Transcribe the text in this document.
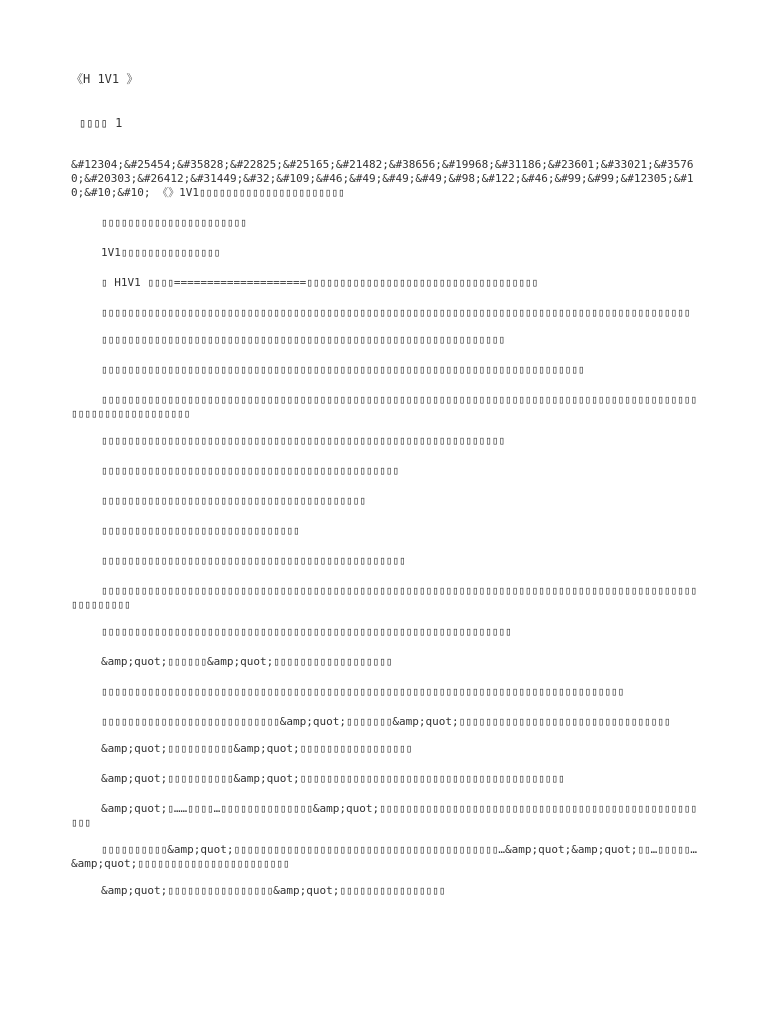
《H 1V1 》
▯▯▯▯ 1

&#12304;&#25454;&#35828;&#22825;&#25165;&#21482;&#38656;&#19968;&#31186;&#23601;&#33021;&#35760;&#20303;&#26412;&#31449;&#32;&#109;&#46;&#49;&#49;&#49;&#98;&#122;&#46;&#99;&#99;&#12305;&#10;&#10;&#10; 《》1V1▯▯▯▯▯▯▯▯▯▯▯▯▯▯▯▯▯▯▯▯▯▯

▯▯▯▯▯▯▯▯▯▯▯▯▯▯▯▯▯▯▯▯▯▯

1V1▯▯▯▯▯▯▯▯▯▯▯▯▯▯▯

▯ H1V1 ▯▯▯▯====================▯▯▯▯▯▯▯▯▯▯▯▯▯▯▯▯▯▯▯▯▯▯▯▯▯▯▯▯▯▯▯▯▯▯▯

▯▯▯▯▯▯▯▯▯▯▯▯▯▯▯▯▯▯▯▯▯▯▯▯▯▯▯▯▯▯▯▯▯▯▯▯▯▯▯▯▯▯▯▯▯▯▯▯▯▯▯▯▯▯▯▯▯▯▯▯▯▯▯▯▯▯▯▯▯▯▯▯▯▯▯▯▯▯▯▯▯▯▯▯▯▯▯▯▯

▯▯▯▯▯▯▯▯▯▯▯▯▯▯▯▯▯▯▯▯▯▯▯▯▯▯▯▯▯▯▯▯▯▯▯▯▯▯▯▯▯▯▯▯▯▯▯▯▯▯▯▯▯▯▯▯▯▯▯▯▯

▯▯▯▯▯▯▯▯▯▯▯▯▯▯▯▯▯▯▯▯▯▯▯▯▯▯▯▯▯▯▯▯▯▯▯▯▯▯▯▯▯▯▯▯▯▯▯▯▯▯▯▯▯▯▯▯▯▯▯▯▯▯▯▯▯▯▯▯▯▯▯▯▯

▯▯▯▯▯▯▯▯▯▯▯▯▯▯▯▯▯▯▯▯▯▯▯▯▯▯▯▯▯▯▯▯▯▯▯▯▯▯▯▯▯▯▯▯▯▯▯▯▯▯▯▯▯▯▯▯▯▯▯▯▯▯▯▯▯▯▯▯▯▯▯▯▯▯▯▯▯▯▯▯▯▯▯▯▯▯▯▯▯▯▯▯▯▯▯▯▯▯▯▯▯▯▯▯▯▯▯▯

▯▯▯▯▯▯▯▯▯▯▯▯▯▯▯▯▯▯▯▯▯▯▯▯▯▯▯▯▯▯▯▯▯▯▯▯▯▯▯▯▯▯▯▯▯▯▯▯▯▯▯▯▯▯▯▯▯▯▯▯▯

▯▯▯▯▯▯▯▯▯▯▯▯▯▯▯▯▯▯▯▯▯▯▯▯▯▯▯▯▯▯▯▯▯▯▯▯▯▯▯▯▯▯▯▯▯

▯▯▯▯▯▯▯▯▯▯▯▯▯▯▯▯▯▯▯▯▯▯▯▯▯▯▯▯▯▯▯▯▯▯▯▯▯▯▯▯

▯▯▯▯▯▯▯▯▯▯▯▯▯▯▯▯▯▯▯▯▯▯▯▯▯▯▯▯▯▯

▯▯▯▯▯▯▯▯▯▯▯▯▯▯▯▯▯▯▯▯▯▯▯▯▯▯▯▯▯▯▯▯▯▯▯▯▯▯▯▯▯▯▯▯▯▯

▯▯▯▯▯▯▯▯▯▯▯▯▯▯▯▯▯▯▯▯▯▯▯▯▯▯▯▯▯▯▯▯▯▯▯▯▯▯▯▯▯▯▯▯▯▯▯▯▯▯▯▯▯▯▯▯▯▯▯▯▯▯▯▯▯▯▯▯▯▯▯▯▯▯▯▯▯▯▯▯▯▯▯▯▯▯▯▯▯▯▯▯▯▯▯▯▯▯▯

▯▯▯▯▯▯▯▯▯▯▯▯▯▯▯▯▯▯▯▯▯▯▯▯▯▯▯▯▯▯▯▯▯▯▯▯▯▯▯▯▯▯▯▯▯▯▯▯▯▯▯▯▯▯▯▯▯▯▯▯▯▯

&amp;quot;▯▯▯▯▯▯&amp;quot;▯▯▯▯▯▯▯▯▯▯▯▯▯▯▯▯▯▯

▯▯▯▯▯▯▯▯▯▯▯▯▯▯▯▯▯▯▯▯▯▯▯▯▯▯▯▯▯▯▯▯▯▯▯▯▯▯▯▯▯▯▯▯▯▯▯▯▯▯▯▯▯▯▯▯▯▯▯▯▯▯▯▯▯▯▯▯▯▯▯▯▯▯▯▯▯▯▯

▯▯▯▯▯▯▯▯▯▯▯▯▯▯▯▯▯▯▯▯▯▯▯▯▯▯▯&amp;quot;▯▯▯▯▯▯▯&amp;quot;▯▯▯▯▯▯▯▯▯▯▯▯▯▯▯▯▯▯▯▯▯▯▯▯▯▯▯▯▯▯▯▯

&amp;quot;▯▯▯▯▯▯▯▯▯▯&amp;quot;▯▯▯▯▯▯▯▯▯▯▯▯▯▯▯▯▯

&amp;quot;▯▯▯▯▯▯▯▯▯▯&amp;quot;▯▯▯▯▯▯▯▯▯▯▯▯▯▯▯▯▯▯▯▯▯▯▯▯▯▯▯▯▯▯▯▯▯▯▯▯▯▯▯▯

&amp;quot;▯……▯▯▯▯…▯▯▯▯▯▯▯▯▯▯▯▯▯▯&amp;quot;▯▯▯▯▯▯▯▯▯▯▯▯▯▯▯▯▯▯▯▯▯▯▯▯▯▯▯▯▯▯▯▯▯▯▯▯▯▯▯▯▯▯▯▯▯▯▯▯▯▯▯

▯▯▯▯▯▯▯▯▯▯&amp;quot;▯▯▯▯▯▯▯▯▯▯▯▯▯▯▯▯▯▯▯▯▯▯▯▯▯▯▯▯▯▯▯▯▯▯▯▯▯▯▯▯…&amp;quot;&amp;quot;▯▯…▯▯▯▯▯…&amp;quot;▯▯▯▯▯▯▯▯▯▯▯▯▯▯▯▯▯▯▯▯▯▯▯

&amp;quot;▯▯▯▯▯▯▯▯▯▯▯▯▯▯▯▯&amp;quot;▯▯▯▯▯▯▯▯▯▯▯▯▯▯▯▯
